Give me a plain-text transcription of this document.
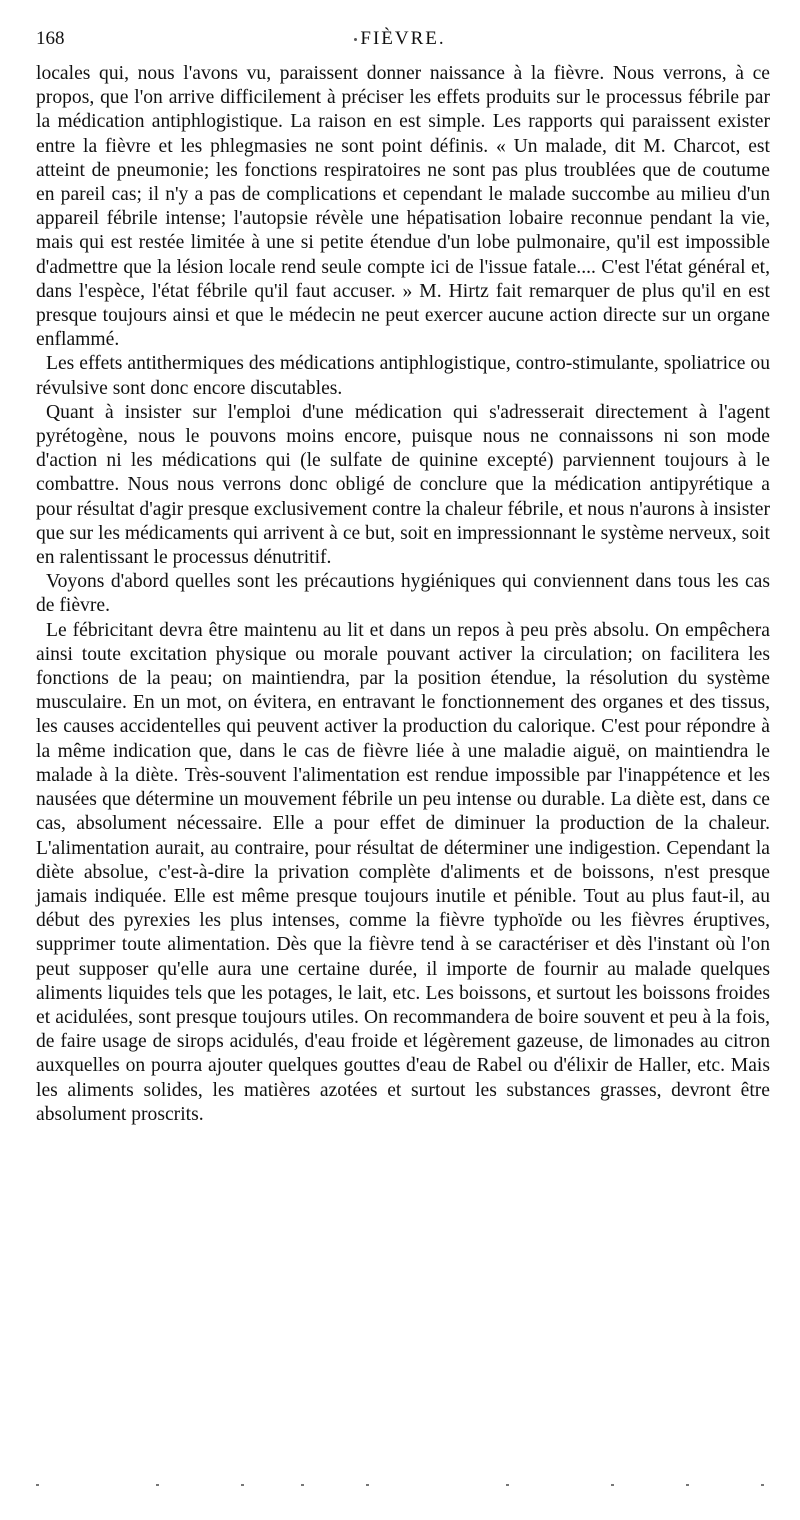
168	FIÈVRE.

locales qui, nous l'avons vu, paraissent donner naissance à la fièvre. Nous verrons, à ce propos, que l'on arrive difficilement à préciser les effets produits sur le processus fébrile par la médication antiphlogistique. La raison en est simple. Les rapports qui paraissent exister entre la fièvre et les phlegmasies ne sont point définis. « Un malade, dit M. Charcot, est atteint de pneumonie; les fonctions respiratoires ne sont pas plus troublées que de coutume en pareil cas; il n'y a pas de complications et cependant le malade succombe au milieu d'un appareil fébrile intense; l'autopsie révèle une hépatisation lobaire reconnue pendant la vie, mais qui est restée limitée à une si petite étendue d'un lobe pulmonaire, qu'il est impossible d'admettre que la lésion locale rend seule compte ici de l'issue fatale.... C'est l'état général et, dans l'espèce, l'état fébrile qu'il faut accuser. » M. Hirtz fait remarquer de plus qu'il en est presque toujours ainsi et que le médecin ne peut exercer aucune action directe sur un organe enflammé.

Les effets antithermiques des médications antiphlogistique, contro-stimulante, spoliatrice ou révulsive sont donc encore discutables.

Quant à insister sur l'emploi d'une médication qui s'adresserait directement à l'agent pyrétogène, nous le pouvons moins encore, puisque nous ne connaissons ni son mode d'action ni les médications qui (le sulfate de quinine excepté) parviennent toujours à le combattre. Nous nous verrons donc obligé de conclure que la médication antipyrétique a pour résultat d'agir presque exclusivement contre la chaleur fébrile, et nous n'aurons à insister que sur les médicaments qui arrivent à ce but, soit en impressionnant le système nerveux, soit en ralentissant le processus dénutritif.

Voyons d'abord quelles sont les précautions hygiéniques qui conviennent dans tous les cas de fièvre.

Le fébricitant devra être maintenu au lit et dans un repos à peu près absolu. On empêchera ainsi toute excitation physique ou morale pouvant activer la circulation; on facilitera les fonctions de la peau; on maintiendra, par la position étendue, la résolution du système musculaire. En un mot, on évitera, en entravant le fonctionnement des organes et des tissus, les causes accidentelles qui peuvent activer la production du calorique. C'est pour répondre à la même indication que, dans le cas de fièvre liée à une maladie aiguë, on maintiendra le malade à la diète. Très-souvent l'alimentation est rendue impossible par l'inappétence et les nausées que détermine un mouvement fébrile un peu intense ou durable. La diète est, dans ce cas, absolument nécessaire. Elle a pour effet de diminuer la production de la chaleur. L'alimentation aurait, au contraire, pour résultat de déterminer une indigestion. Cependant la diète absolue, c'est-à-dire la privation complète d'aliments et de boissons, n'est presque jamais indiquée. Elle est même presque toujours inutile et pénible. Tout au plus faut-il, au début des pyrexies les plus intenses, comme la fièvre typhoïde ou les fièvres éruptives, supprimer toute alimentation. Dès que la fièvre tend à se caractériser et dès l'instant où l'on peut supposer qu'elle aura une certaine durée, il importe de fournir au malade quelques aliments liquides tels que les potages, le lait, etc. Les boissons, et surtout les boissons froides et acidulées, sont presque toujours utiles. On recommandera de boire souvent et peu à la fois, de faire usage de sirops acidulés, d'eau froide et légèrement gazeuse, de limonades au citron auxquelles on pourra ajouter quelques gouttes d'eau de Rabel ou d'élixir de Haller, etc. Mais les aliments solides, les matières azotées et surtout les substances grasses, devront être absolument proscrits.
